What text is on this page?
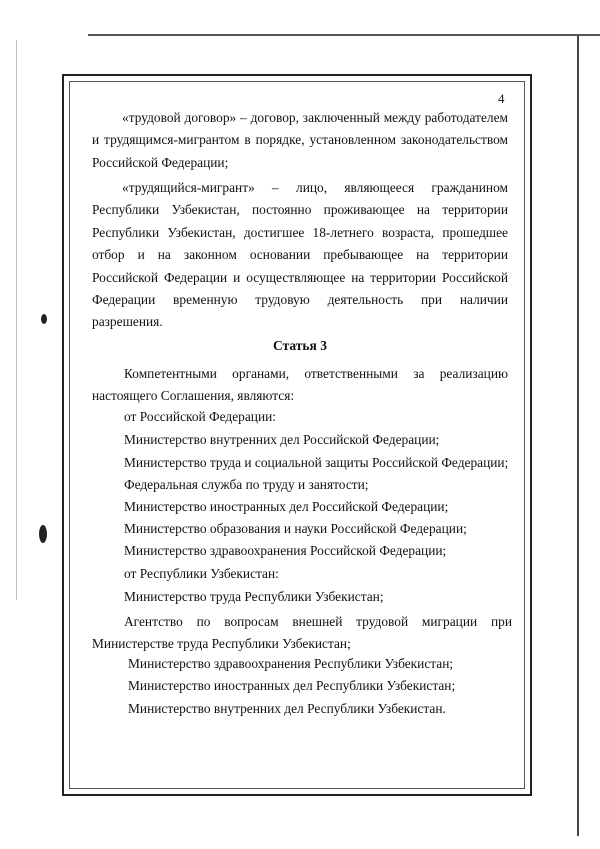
4
«трудовой договор» – договор, заключенный между работодателем и трудящимся-мигрантом в порядке, установленном законодательством Российской Федерации;
«трудящийся-мигрант» – лицо, являющееся гражданином Республики Узбекистан, постоянно проживающее на территории Республики Узбекистан, достигшее 18-летнего возраста, прошедшее отбор и на законном основании пребывающее на территории Российской Федерации и осуществляющее на территории Российской Федерации временную трудовую деятельность при наличии разрешения.
Статья 3
Компетентными органами, ответственными за реализацию настоящего Соглашения, являются:
от Российской Федерации:
Министерство внутренних дел Российской Федерации;
Министерство труда и социальной защиты Российской Федерации;
Федеральная служба по труду и занятости;
Министерство иностранных дел Российской Федерации;
Министерство образования и науки Российской Федерации;
Министерство здравоохранения Российской Федерации;
от Республики Узбекистан:
Министерство труда Республики Узбекистан;
Агентство по вопросам внешней трудовой миграции при Министерстве труда Республики Узбекистан;
Министерство здравоохранения Республики Узбекистан;
Министерство иностранных дел Республики Узбекистан;
Министерство внутренних дел Республики Узбекистан.
